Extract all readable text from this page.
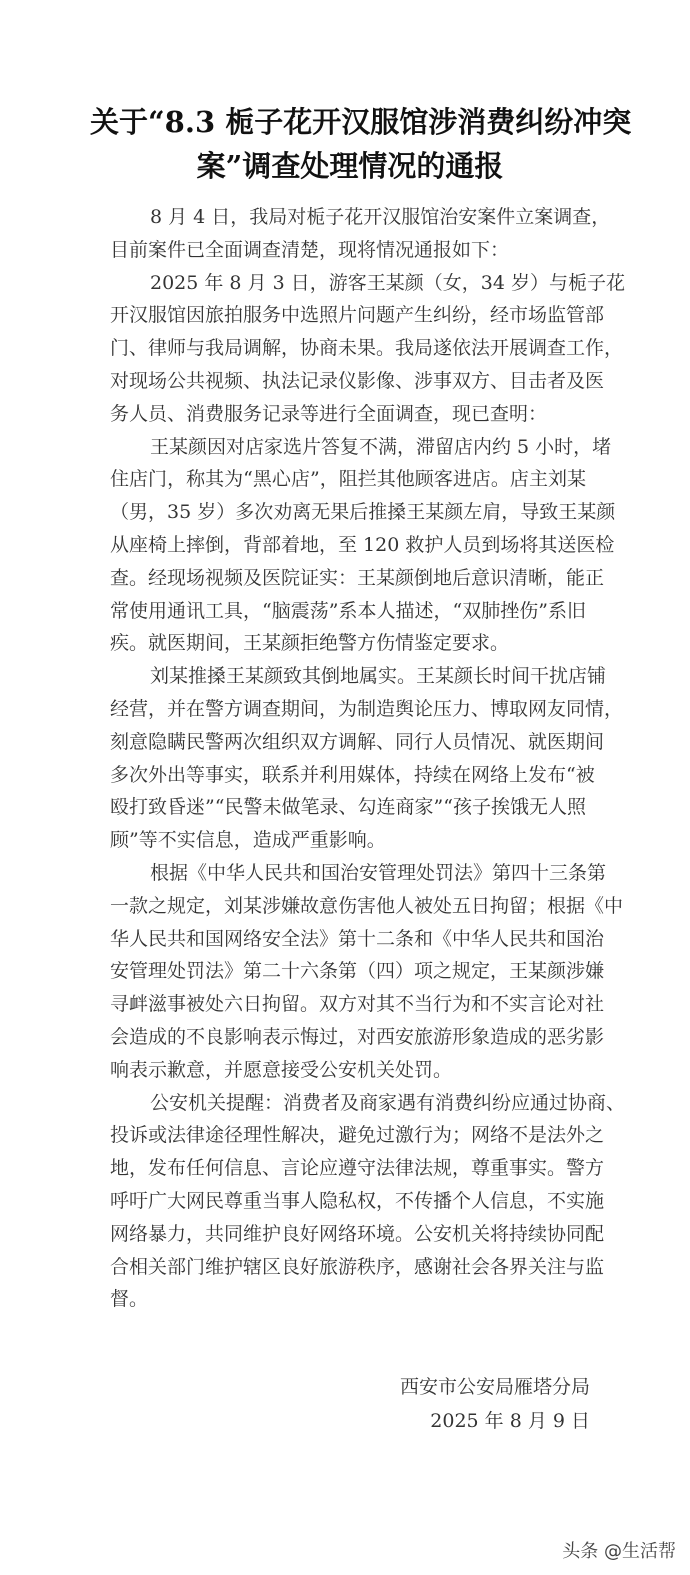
关于“8.3 栀子花开汉服馆涉消费纠纷冲突
案”调查处理情况的通报
8 月 4 日，我局对栀子花开汉服馆治安案件立案调查，
目前案件已全面调查清楚，现将情况通报如下：
2025 年 8 月 3 日，游客王某颜（女，34 岁）与栀子花
开汉服馆因旅拍服务中选照片问题产生纠纷，经市场监管部
门、律师与我局调解，协商未果。我局遂依法开展调查工作，
对现场公共视频、执法记录仪影像、涉事双方、目击者及医
务人员、消费服务记录等进行全面调查，现已查明：
王某颜因对店家选片答复不满，滞留店内约 5 小时，堵
住店门，称其为“黑心店”，阻拦其他顾客进店。店主刘某
（男，35 岁）多次劝离无果后推搡王某颜左肩，导致王某颜
从座椅上摔倒，背部着地，至 120 救护人员到场将其送医检
查。经现场视频及医院证实：王某颜倒地后意识清晰，能正
常使用通讯工具，“脑震荡”系本人描述，“双肺挫伤”系旧
疾。就医期间，王某颜拒绝警方伤情鉴定要求。
刘某推搡王某颜致其倒地属实。王某颜长时间干扰店铺
经营，并在警方调查期间，为制造舆论压力、博取网友同情，
刻意隐瞒民警两次组织双方调解、同行人员情况、就医期间
多次外出等事实，联系并利用媒体，持续在网络上发布“被
殴打致昏迷”“民警未做笔录、勾连商家”“孩子挨饿无人照
顾”等不实信息，造成严重影响。
根据《中华人民共和国治安管理处罚法》第四十三条第
一款之规定，刘某涉嫌故意伤害他人被处五日拘留；根据《中
华人民共和国网络安全法》第十二条和《中华人民共和国治
安管理处罚法》第二十六条第（四）项之规定，王某颜涉嫌
寻衅滋事被处六日拘留。双方对其不当行为和不实言论对社
会造成的不良影响表示悔过，对西安旅游形象造成的恶劣影
响表示歉意，并愿意接受公安机关处罚。
公安机关提醒：消费者及商家遇有消费纠纷应通过协商、
投诉或法律途径理性解决，避免过激行为；网络不是法外之
地，发布任何信息、言论应遵守法律法规，尊重事实。警方
呼吁广大网民尊重当事人隐私权，不传播个人信息，不实施
网络暴力，共同维护良好网络环境。公安机关将持续协同配
合相关部门维护辖区良好旅游秩序，感谢社会各界关注与监
督。
西安市公安局雁塔分局
2025 年 8 月 9 日
头条 @生活帮
